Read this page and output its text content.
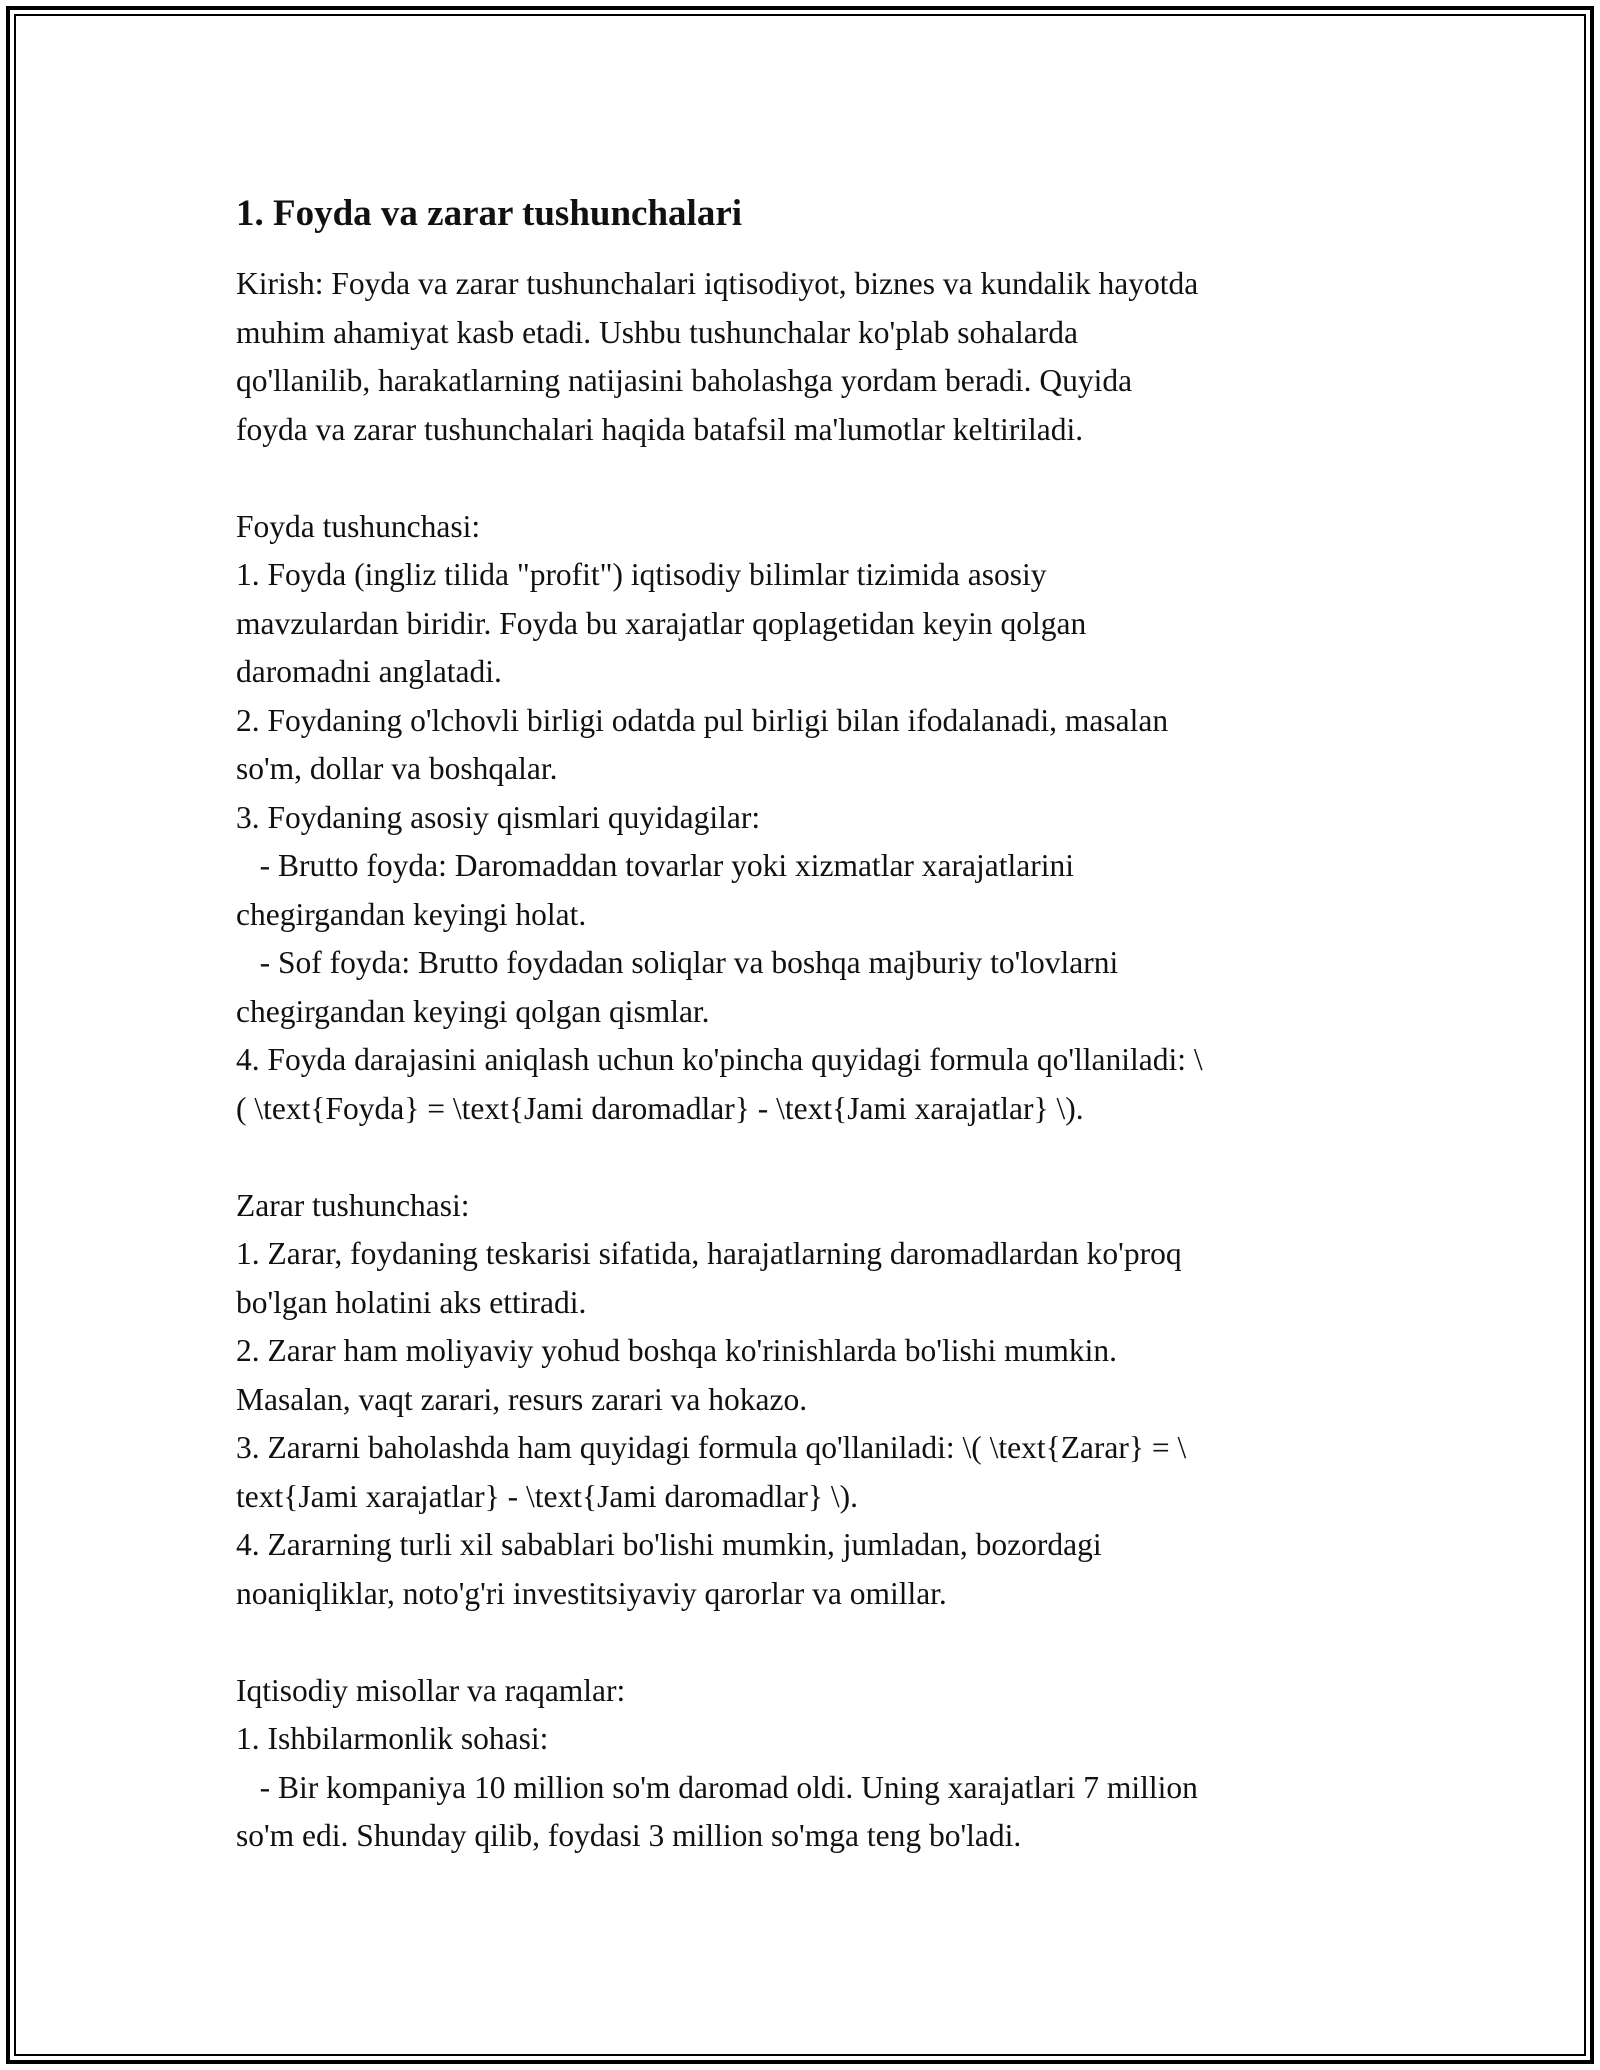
1. Foyda va zarar tushunchalari

Kirish: Foyda va zarar tushunchalari iqtisodiyot, biznes va kundalik hayotda
muhim ahamiyat kasb etadi. Ushbu tushunchalar ko'plab sohalarda
qo'llanilib, harakatlarning natijasini baholashga yordam beradi. Quyida
foyda va zarar tushunchalari haqida batafsil ma'lumotlar keltiriladi.

Foyda tushunchasi:
1. Foyda (ingliz tilida "profit") iqtisodiy bilimlar tizimida asosiy
mavzulardan biridir. Foyda bu xarajatlar qoplagetidan keyin qolgan
daromadni anglatadi.
2. Foydaning o'lchovli birligi odatda pul birligi bilan ifodalanadi, masalan
so'm, dollar va boshqalar.
3. Foydaning asosiy qismlari quyidagilar:
- Brutto foyda: Daromaddan tovarlar yoki xizmatlar xarajatlarini
chegirgandan keyingi holat.
- Sof foyda: Brutto foydadan soliqlar va boshqa majburiy to'lovlarni
chegirgandan keyingi qolgan qismlar.
4. Foyda darajasini aniqlash uchun ko'pincha quyidagi formula qo'llaniladi: \
( \text{Foyda} = \text{Jami daromadlar} - \text{Jami xarajatlar} \).

Zarar tushunchasi:
1. Zarar, foydaning teskarisi sifatida, harajatlarning daromadlardan ko'proq
bo'lgan holatini aks ettiradi.
2. Zarar ham moliyaviy yohud boshqa ko'rinishlarda bo'lishi mumkin.
Masalan, vaqt zarari, resurs zarari va hokazo.
3. Zararni baholashda ham quyidagi formula qo'llaniladi: \( \text{Zarar} = \
text{Jami xarajatlar} - \text{Jami daromadlar} \).
4. Zararning turli xil sabablari bo'lishi mumkin, jumladan, bozordagi
noaniqliklar, noto'g'ri investitsiyaviy qarorlar va omillar.

Iqtisodiy misollar va raqamlar:
1. Ishbilarmonlik sohasi:
- Bir kompaniya 10 million so'm daromad oldi. Uning xarajatlari 7 million
so'm edi. Shunday qilib, foydasi 3 million so'mga teng bo'ladi.
